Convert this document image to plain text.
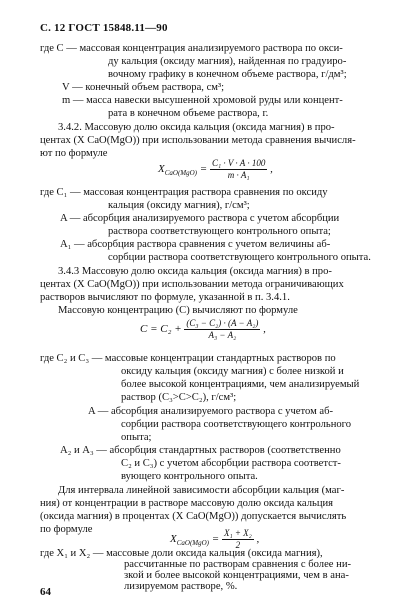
С. 12 ГОСТ 15848.11—90
где C — массовая концентрация анализируемого раствора по окси-
ду кальция (оксиду магния), найденная по градуиро-
вочному графику в конечном объеме раствора, г/дм³;
V — конечный объем раствора, см³;
m — масса навески высушенной хромовой руды или концент-
рата в конечном объеме раствора, г.
3.4.2. Массовую долю оксида кальция (оксида магния) в про-
центах (X CaO(MgO)) при использовании метода сравнения вычисля-
ют по формуле
$X_{CaO(MgO)} = \frac{\text{C₁ · V · A · 100}}{\text{m · A₁}}$ ,
где C₁ — массовая концентрация раствора сравнения по оксиду
кальция (оксиду магния), г/см³;
A — абсорбция анализируемого раствора с учетом абсорбции
раствора соответствующего контрольного опыта;
A₁ — абсорбция раствора сравнения с учетом величины аб-
сорбции раствора соответствующего контрольного опыта.
3.4.3 Массовую долю оксида кальция (оксида магния) в про-
центах (X CaO(MgO)) при использовании метода ограничивающих
растворов вычисляют по формуле, указанной в п. 3.4.1.
Массовую концентрацию (C) вычисляют по формуле
$C = C_2 + \frac{\text{(C₃ − C₂) · (A − A₂)}}{\text{A₃ − A₂}}$ ,
где C₂ и C₃ — массовые концентрации стандартных растворов по
оксиду кальция (оксиду магния) с более низкой и
более высокой концентрациями, чем анализируемый
раствор (C₃>C>C₂), г/см³;
A — абсорбция анализируемого раствора с учетом аб-
сорбции раствора соответствующего контрольного
опыта;
A₂ и A₃ — абсорбция стандартных растворов (соответственно
C₂ и C₃) с учетом абсорбции раствора соответст-
вующего контрольного опыта.
Для интервала линейной зависимости абсорбции кальция (маг-
ния) от концентрации в растворе массовую долю оксида кальция
(оксида магния) в процентах (X CaO(MgO)) допускается вычислять
по формуле
$X_{CaO(MgO)} = \frac{\text{X₁ + X₂}}{2}$ ,
где X₁ и X₂ — массовые доли оксида кальция (оксида магния),
рассчитанные по растворам сравнения с более ни-
зкой и более высокой концентрациями, чем в ана-
лизируемом растворе, %.
64
